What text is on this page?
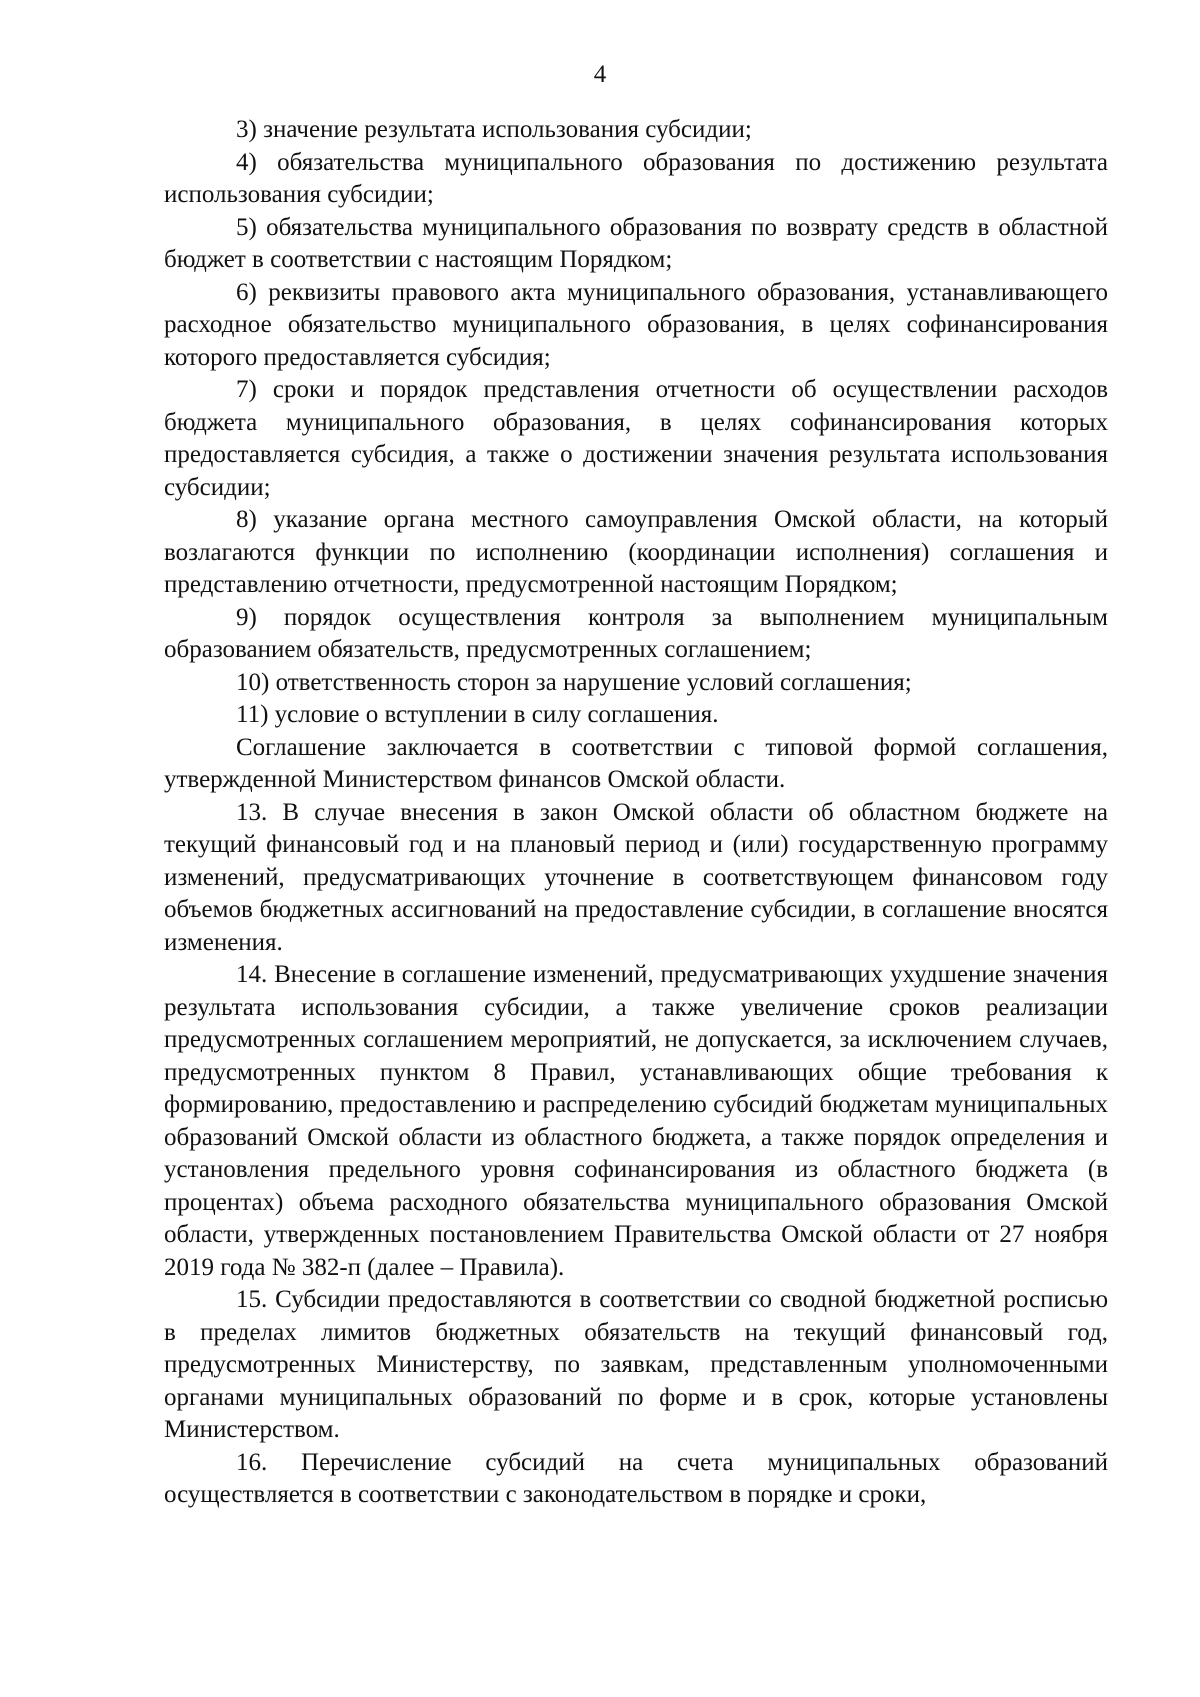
4

3) значение результата использования субсидии;

4) обязательства муниципального образования по достижению результата использования субсидии;

5) обязательства муниципального образования по возврату средств в областной бюджет в соответствии с настоящим Порядком;

6) реквизиты правового акта муниципального образования, устанавливающего расходное обязательство муниципального образования, в целях софинансирования которого предоставляется субсидия;

7) сроки и порядок представления отчетности об осуществлении расходов бюджета муниципального образования, в целях софинансирования которых предоставляется субсидия, а также о достижении значения результата использования субсидии;

8) указание органа местного самоуправления Омской области, на который возлагаются функции по исполнению (координации исполнения) соглашения и представлению отчетности, предусмотренной настоящим Порядком;

9) порядок осуществления контроля за выполнением муниципальным образованием обязательств, предусмотренных соглашением;

10) ответственность сторон за нарушение условий соглашения;

11) условие о вступлении в силу соглашения.

Соглашение заключается в соответствии с типовой формой соглашения, утвержденной Министерством финансов Омской области.

13. В случае внесения в закон Омской области об областном бюджете на текущий финансовый год и на плановый период и (или) государственную программу изменений, предусматривающих уточнение в соответствующем финансовом году объемов бюджетных ассигнований на предоставление субсидии, в соглашение вносятся изменения.

14. Внесение в соглашение изменений, предусматривающих ухудшение значения результата использования субсидии, а также увеличение сроков реализации предусмотренных соглашением мероприятий, не допускается, за исключением случаев, предусмотренных пунктом 8 Правил, устанавливающих общие требования к формированию, предоставлению и распределению субсидий бюджетам муниципальных образований Омской области из областного бюджета, а также порядок определения и установления предельного уровня софинансирования из областного бюджета (в процентах) объема расходного обязательства муниципального образования Омской области, утвержденных постановлением Правительства Омской области от 27 ноября 2019 года № 382-п (далее – Правила).

15. Субсидии предоставляются в соответствии со сводной бюджетной росписью в пределах лимитов бюджетных обязательств на текущий финансовый год, предусмотренных Министерству, по заявкам, представленным уполномоченными органами муниципальных образований по форме и в срок, которые установлены Министерством.

16. Перечисление субсидий на счета муниципальных образований осуществляется в соответствии с законодательством в порядке и сроки,
